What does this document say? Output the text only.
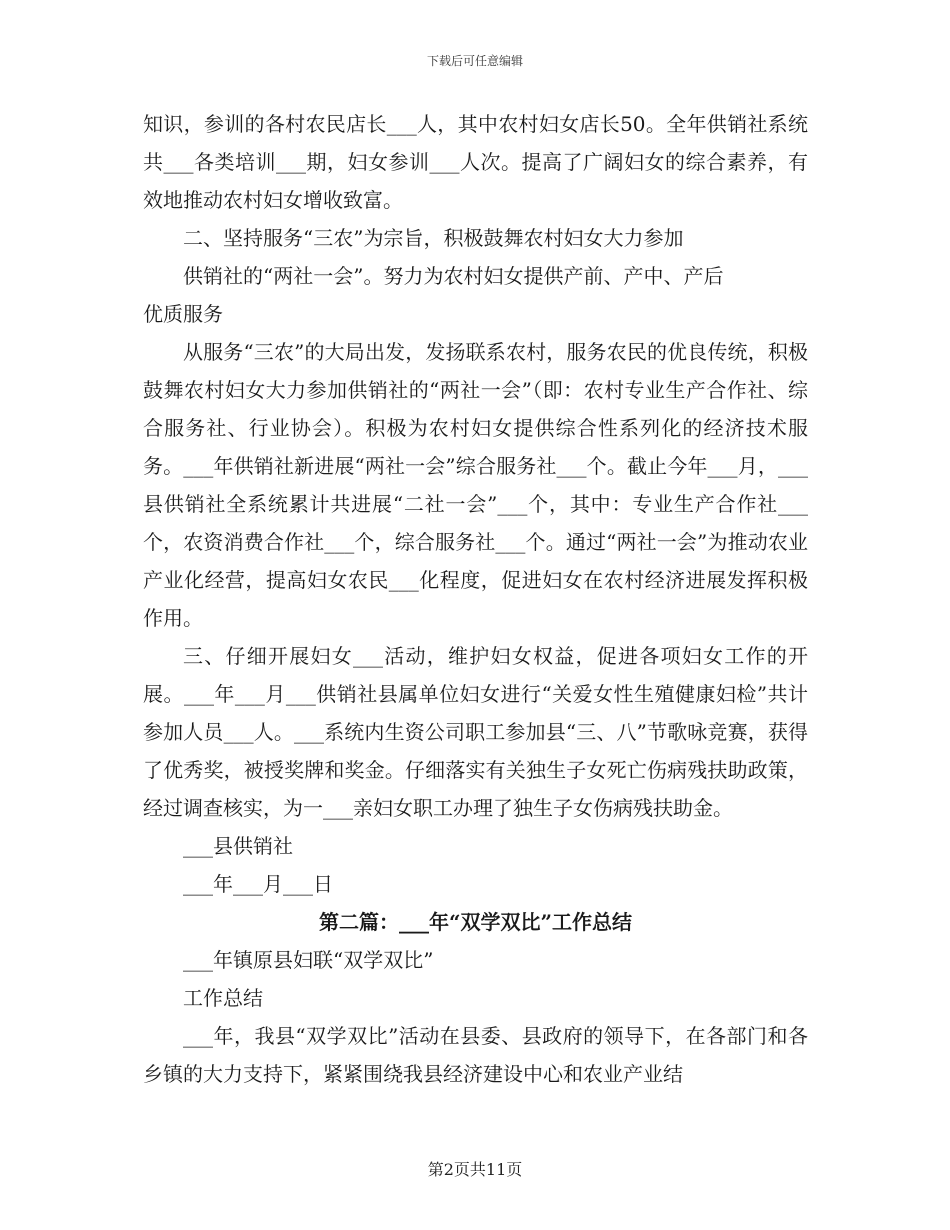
下载后可任意编辑

知识，参训的各村农民店长___人，其中农村妇女店长50。全年供销社系统共___各类培训___期，妇女参训___人次。提高了广阔妇女的综合素养，有效地推动农村妇女增收致富。

二、坚持服务“三农”为宗旨，积极鼓舞农村妇女大力参加

供销社的“两社一会”。努力为农村妇女提供产前、产中、产后

优质服务

从服务“三农”的大局出发，发扬联系农村，服务农民的优良传统，积极鼓舞农村妇女大力参加供销社的“两社一会”（即：农村专业生产合作社、综合服务社、行业协会）。积极为农村妇女提供综合性系列化的经济技术服务。___年供销社新进展“两社一会”综合服务社___个。截止今年___月，___县供销社全系统累计共进展“二社一会”___个，其中：专业生产合作社___个，农资消费合作社___个，综合服务社___个。通过“两社一会”为推动农业产业化经营，提高妇女农民___化程度，促进妇女在农村经济进展发挥积极作用。

三、仔细开展妇女___活动，维护妇女权益，促进各项妇女工作的开展。___年___月___供销社县属单位妇女进行“关爱女性生殖健康妇检”共计参加人员___人。___系统内生资公司职工参加县“三、八”节歌咏竞赛，获得了优秀奖，被授奖牌和奖金。仔细落实有关独生子女死亡伤病残扶助政策，经过调查核实，为一___亲妇女职工办理了独生子女伤病残扶助金。

___县供销社

___年___月___日

第二篇：___年“双学双比”工作总结

___年镇原县妇联“双学双比”

工作总结

___年，我县“双学双比”活动在县委、县政府的领导下，在各部门和各乡镇的大力支持下，紧紧围绕我县经济建设中心和农业产业结

第2页共11页
